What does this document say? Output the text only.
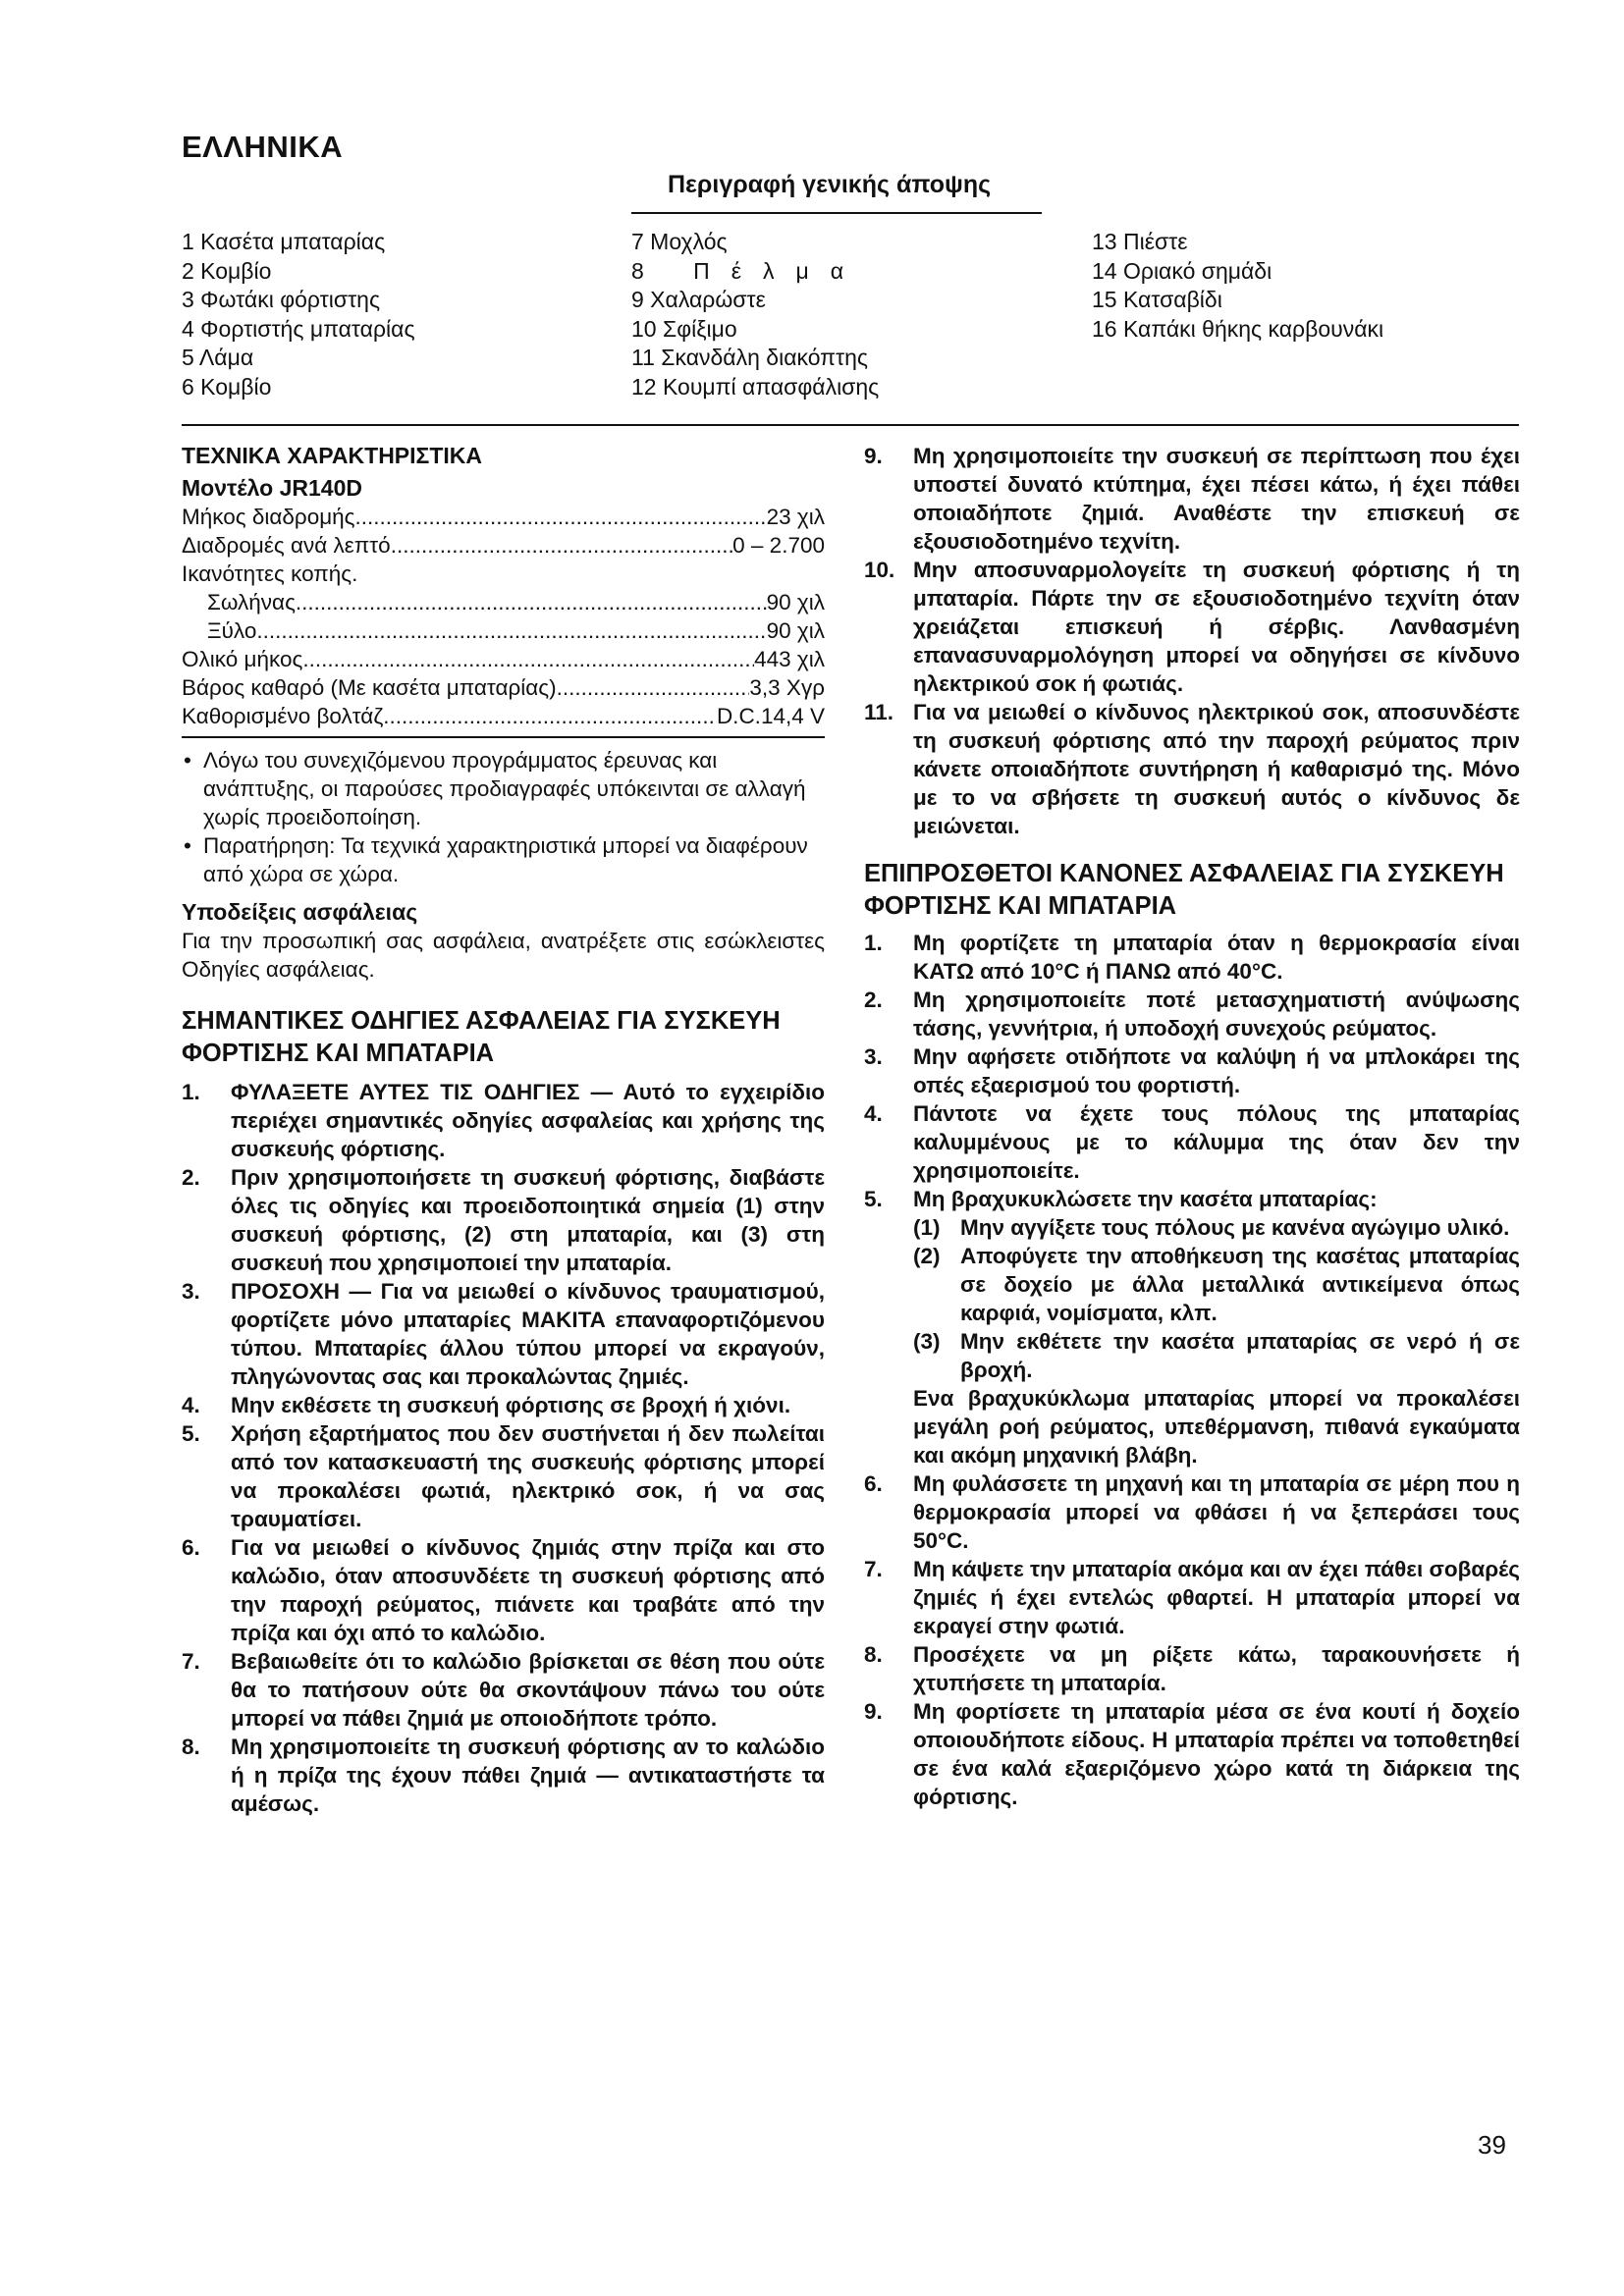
ΕΛΛΗΝΙΚΑ
Περιγραφή γενικής άποψης
1 Κασέτα μπαταρίας
2 Κομβίο
3 Φωτάκι φόρτιστης
4 Φορτιστής μπαταρίας
5 Λάμα
6 Κομβίο
7 Μοχλός
8 Πέλμα
9 Χαλαρώστε
10 Σφίξιμο
11 Σκανδάλη διακόπτης
12 Κουμπί απασφάλισης
13 Πιέστε
14 Οριακό σημάδι
15 Κατσαβίδι
16 Καπάκι θήκης καρβουνάκι
ΤΕΧΝΙΚΑ ΧΑΡΑΚΤΗΡΙΣΤΙΚΑ
Μοντέλο JR140D
Μήκος διαδρομής .....	23 χιλ
Διαδρομές ανά λεπτό .....	0 – 2.700
Ικανότητες κοπής.
Σωλήνας .....	90 χιλ
Ξύλο .....	90 χιλ
Ολικό μήκος .....	443 χιλ
Βάρος καθαρό (Με κασέτα μπαταρίας) .....	3,3 Χγρ
Καθορισμένο βολτάζ .....	D.C.14,4 V
• Λόγω του συνεχιζόμενου προγράμματος έρευνας και ανάπτυξης, οι παρούσες προδιαγραφές υπόκεινται σε αλλαγή χωρίς προειδοποίηση.
• Παρατήρηση: Τα τεχνικά χαρακτηριστικά μπορεί να διαφέρουν από χώρα σε χώρα.
Υποδείξεις ασφάλειας
Για την προσωπική σας ασφάλεια, ανατρέξετε στις εσώκλειστες Οδηγίες ασφάλειας.
ΣΗΜΑΝΤΙΚΕΣ ΟΔΗΓΙΕΣ ΑΣΦΑΛΕΙΑΣ ΓΙΑ ΣΥΣΚΕΥΗ ΦΟΡΤΙΣΗΣ ΚΑΙ ΜΠΑΤΑΡΙΑ
1. ΦΥΛΑΞΕΤΕ ΑΥΤΕΣ ΤΙΣ ΟΔΗΓΙΕΣ — Αυτό το εγχειρίδιο περιέχει σημαντικές οδηγίες ασφαλείας και χρήσης της συσκευής φόρτισης.
2. Πριν χρησιμοποιήσετε τη συσκευή φόρτισης, διαβάστε όλες τις οδηγίες και προειδοποιητικά σημεία (1) στην συσκευή φόρτισης, (2) στη μπαταρία, και (3) στη συσκευή που χρησιμοποιεί την μπαταρία.
3. ΠΡΟΣΟΧΗ — Για να μειωθεί ο κίνδυνος τραυματισμού, φορτίζετε μόνο μπαταρίες MAKITA επαναφορτιζόμενου τύπου. Μπαταρίες άλλου τύπου μπορεί να εκραγούν, πληγώνοντας σας και προκαλώντας ζημιές.
4. Μην εκθέσετε τη συσκευή φόρτισης σε βροχή ή χιόνι.
5. Χρήση εξαρτήματος που δεν συστήνεται ή δεν πωλείται από τον κατασκευαστή της συσκευής φόρτισης μπορεί να προκαλέσει φωτιά, ηλεκτρικό σοκ, ή να σας τραυματίσει.
6. Για να μειωθεί ο κίνδυνος ζημιάς στην πρίζα και στο καλώδιο, όταν αποσυνδέετε τη συσκευή φόρτισης από την παροχή ρεύματος, πιάνετε και τραβάτε από την πρίζα και όχι από το καλώδιο.
7. Βεβαιωθείτε ότι το καλώδιο βρίσκεται σε θέση που ούτε θα το πατήσουν ούτε θα σκοντάψουν πάνω του ούτε μπορεί να πάθει ζημιά με οποιοδήποτε τρόπο.
8. Μη χρησιμοποιείτε τη συσκευή φόρτισης αν το καλώδιο ή η πρίζα της έχουν πάθει ζημιά — αντικαταστήστε τα αμέσως.
9. Μη χρησιμοποιείτε την συσκευή σε περίπτωση που έχει υποστεί δυνατό κτύπημα, έχει πέσει κάτω, ή έχει πάθει οποιαδήποτε ζημιά. Αναθέστε την επισκευή σε εξουσιοδοτημένο τεχνίτη.
10. Μην αποσυναρμολογείτε τη συσκευή φόρτισης ή τη μπαταρία. Πάρτε την σε εξουσιοδοτημένο τεχνίτη όταν χρειάζεται επισκευή ή σέρβις. Λανθασμένη επανασυναρμολόγηση μπορεί να οδηγήσει σε κίνδυνο ηλεκτρικού σοκ ή φωτιάς.
11. Για να μειωθεί ο κίνδυνος ηλεκτρικού σοκ, αποσυνδέστε τη συσκευή φόρτισης από την παροχή ρεύματος πριν κάνετε οποιαδήποτε συντήρηση ή καθαρισμό της. Μόνο με το να σβήσετε τη συσκευή αυτός ο κίνδυνος δε μειώνεται.
ΕΠΙΠΡΟΣΘΕΤΟΙ ΚΑΝΟΝΕΣ ΑΣΦΑΛΕΙΑΣ ΓΙΑ ΣΥΣΚΕΥΗ ΦΟΡΤΙΣΗΣ ΚΑΙ ΜΠΑΤΑΡΙΑ
1. Μη φορτίζετε τη μπαταρία όταν η θερμοκρασία είναι ΚΑΤΩ από 10°C ή ΠΑΝΩ από 40°C.
2. Μη χρησιμοποιείτε ποτέ μετασχηματιστή ανύψωσης τάσης, γεννήτρια, ή υποδοχή συνεχούς ρεύματος.
3. Μην αφήσετε οτιδήποτε να καλύψη ή να μπλοκάρει της οπές εξαερισμού του φορτιστή.
4. Πάντοτε να έχετε τους πόλους της μπαταρίας καλυμμένους με το κάλυμμα της όταν δεν την χρησιμοποιείτε.
5. Μη βραχυκυκλώσετε την κασέτα μπαταρίας:
(1) Μην αγγίξετε τους πόλους με κανένα αγώγιμο υλικό.
(2) Αποφύγετε την αποθήκευση της κασέτας μπαταρίας σε δοχείο με άλλα μεταλλικά αντικείμενα όπως καρφιά, νομίσματα, κλπ.
(3) Μην εκθέτετε την κασέτα μπαταρίας σε νερό ή σε βροχή.
Ενα βραχυκύκλωμα μπαταρίας μπορεί να προκαλέσει μεγάλη ροή ρεύματος, υπεθέρμανση, πιθανά εγκαύματα και ακόμη μηχανική βλάβη.
6. Μη φυλάσσετε τη μηχανή και τη μπαταρία σε μέρη που η θερμοκρασία μπορεί να φθάσει ή να ξεπεράσει τους 50°C.
7. Μη κάψετε την μπαταρία ακόμα και αν έχει πάθει σοβαρές ζημιές ή έχει εντελώς φθαρτεί. Η μπαταρία μπορεί να εκραγεί στην φωτιά.
8. Προσέχετε να μη ρίξετε κάτω, ταρακουνήσετε ή χτυπήσετε τη μπαταρία.
9. Μη φορτίσετε τη μπαταρία μέσα σε ένα κουτί ή δοχείο οποιουδήποτε είδους. Η μπαταρία πρέπει να τοποθετηθεί σε ένα καλά εξαεριζόμενο χώρο κατά τη διάρκεια της φόρτισης.
39
